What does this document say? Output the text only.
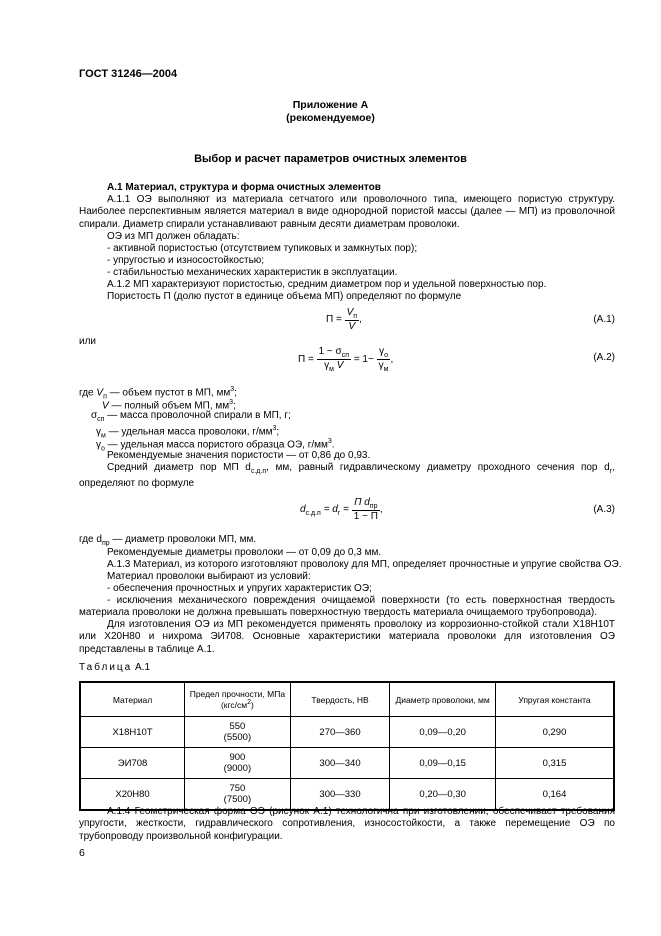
ГОСТ 31246—2004
Приложение А
(рекомендуемое)
Выбор и расчет параметров очистных элементов
А.1 Материал, структура и форма очистных элементов
А.1.1 ОЭ выполняют из материала сетчатого или проволочного типа, имеющего пористую структуру. Наиболее перспективным является материал в виде однородной пористой массы (далее — МП) из проволочной спирали. Диаметр спирали устанавливают равным десяти диаметрам проволоки.
ОЭ из МП должен обладать:
- активной пористостью (отсутствием тупиковых и замкнутых пор);
- упругостью и износостойкостью;
- стабильностью механических характеристик в эксплуатации.
А.1.2 МП характеризуют пористостью, средним диаметром пор и удельной поверхностью пор.
Пористость П (долю пустот в единице объема МП) определяют по формуле
$П = \frac{V_п}{V}$ ,	(А.1)
или
$П = \frac{1 - \sigma_{сп}}{\gamma_м V} = 1- \frac{\gamma_о}{\gamma_м}$ ,	(А.2)
где $V_п$ — объем пустот в МП, $мм^3$;
V — полный объем МП, $мм^3$;
$\sigma_{сп}$ — масса проволочной спирали в МП, г;
$\gamma_м$ — удельная масса проволоки, $г/мм^3$;
$\gamma_о$ — удельная масса пористого образца ОЭ, $г/мм^3$.
Рекомендуемые значения пористости — от 0,86 до 0,93.
Средний диаметр пор МП $d_{с.д.п}$, мм, равный гидравлическому диаметру проходного сечения пор $d_г$, определяют по формуле
$d_{с.д.п} = d_г = \frac{П d_{пр}}{1 - П}$ ,	(А.3)
где $d_{пр}$ — диаметр проволоки МП, мм.
Рекомендуемые диаметры проволоки — от 0,09 до 0,3 мм.
А.1.3 Материал, из которого изготовляют проволоку для МП, определяет прочностные и упругие свойства ОЭ.
Материал проволоки выбирают из условий:
- обеспечения прочностных и упругих характеристик ОЭ;
- исключения механического повреждения очищаемой поверхности (то есть поверхностная твердость материала проволоки не должна превышать поверхностную твердость материала очищаемого трубопровода).
Для изготовления ОЭ из МП рекомендуется применять проволоку из коррозионно-стойкой стали Х18Н10Т или Х20Н80 и нихрома ЭИ708. Основные характеристики материала проволоки для изготовления ОЭ представлены в таблице А.1.
Таблица А.1
Материал	Предел прочности, МПа $(кгс/см^2)$	Твердость, НВ	Диаметр проволоки, мм	Упругая константа
Х18Н10Т	550
(5500)	270—360	0,09—0,20	0,290
ЭИ708	900
(9000)	300—340	0,09—0,15	0,315
Х20Н80	750
(7500)	300—330	0,20—0,30	0,164
А.1.4 Геометрическая форма ОЭ (рисунок А.1) технологична при изготовлении, обеспечивает требования упругости, жесткости, гидравлического сопротивления, износостойкости, а также перемещение ОЭ по трубопроводу произвольной конфигурации.
6
